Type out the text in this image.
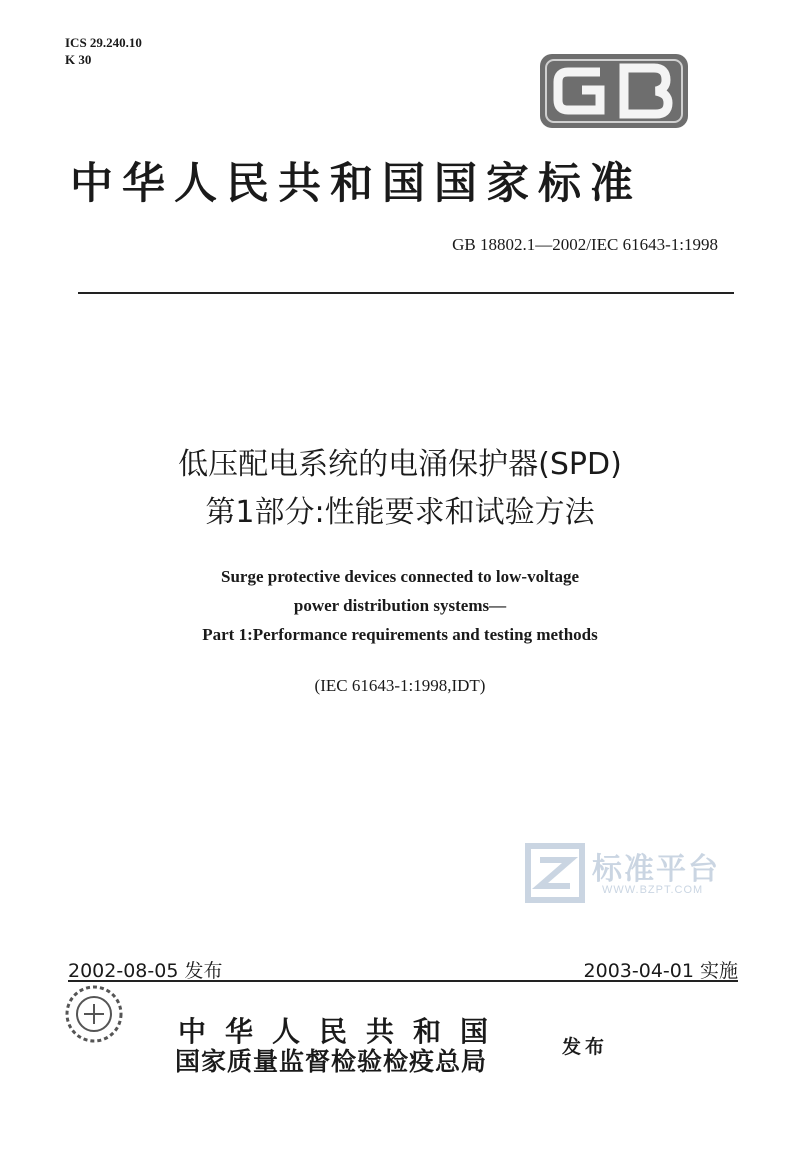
ICS 29.240.10
K 30
中华人民共和国国家标准
GB 18802.1—2002/IEC 61643-1:1998
低压配电系统的电涌保护器(SPD)
第1部分:性能要求和试验方法
Surge protective devices connected to low-voltage
power distribution systems—
Part 1:Performance requirements and testing methods
(IEC 61643-1:1998,IDT)
标准平台
WWW.BZPT.COM
2002-08-05 发布	2003-04-01 实施
中华人民共和国
国家质量监督检验检疫总局	发布
